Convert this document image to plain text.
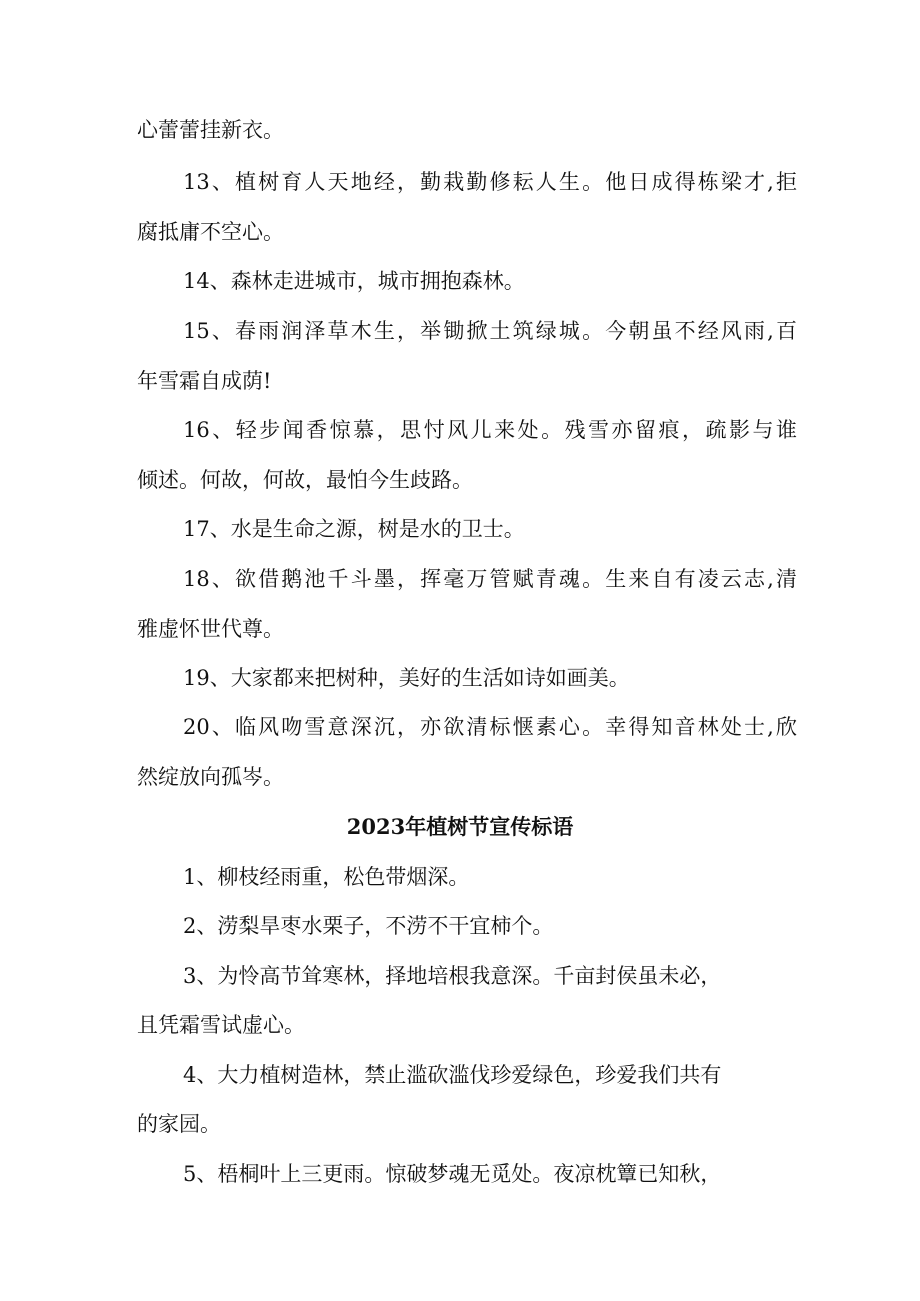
心蕾蕾挂新衣。

13、植树育人天地经，勤栽勤修耘人生。他日成得栋梁才,拒

腐抵庸不空心。

14、森林走进城市，城市拥抱森林。

15、春雨润泽草木生，举锄掀土筑绿城。今朝虽不经风雨,百

年雪霜自成荫!

16、轻步闻香惊慕，思忖风儿来处。残雪亦留痕，疏影与谁

倾述。何故，何故，最怕今生歧路。

17、水是生命之源，树是水的卫士。

18、欲借鹅池千斗墨，挥毫万管赋青魂。生来自有凌云志,清

雅虚怀世代尊。

19、大家都来把树种，美好的生活如诗如画美。

20、临风吻雪意深沉，亦欲清标惬素心。幸得知音林处士,欣

然绽放向孤岑。

2023年植树节宣传标语

1、柳枝经雨重，松色带烟深。

2、涝梨旱枣水栗子，不涝不干宜柿个。

3、为怜高节耸寒林，择地培根我意深。千亩封侯虽未必，

且凭霜雪试虚心。

4、大力植树造林，禁止滥砍滥伐珍爱绿色，珍爱我们共有

的家园。

5、梧桐叶上三更雨。惊破梦魂无觅处。夜凉枕簟已知秋，
